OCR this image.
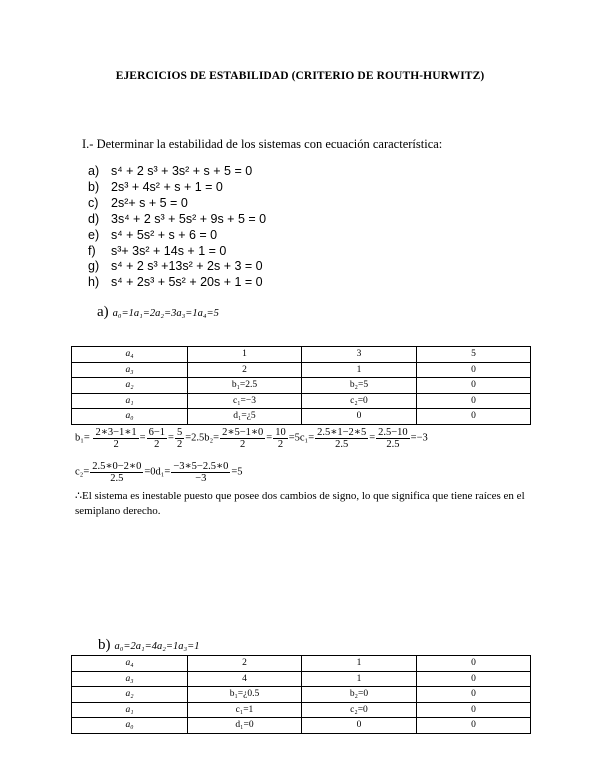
EJERCICIOS DE ESTABILIDAD (CRITERIO DE ROUTH-HURWITZ)
I.- Determinar la estabilidad de los sistemas con ecuación característica:
a) s⁴ + 2 s³ + 3s² + s + 5 = 0
b) 2s³ + 4s² + s + 1 = 0
c) 2s²+ s + 5 = 0
d) 3s⁴ + 2 s³ + 5s² + 9s + 5 = 0
e) s⁴ + 5s² + s + 6 = 0
f) s³+ 3s² + 14s + 1 = 0
g) s⁴ + 2 s³ +13s² + 2s + 3 = 0
h) s⁴ + 2s³ + 5s² + 20s + 1 = 0
a) a₀=1a₁=2a₂=3a₃=1a₄=5
a₄	1	3	5
a₃	2	1	0
a₂	b₁=2.5	b₂=5	0
a₁	c₁=−3	c₂=0	0
a₀	d₁=¿5	0	0
$b_1= \frac{2∗3-1∗1}{2} = \frac{6-1}{2} = \frac{5}{2} =2.5b_2= \frac{2∗5-1∗0}{2} = \frac{10}{2} =5c_1= \frac{2.5∗1-2∗5}{2.5} = \frac{2.5-10}{2.5} =-3$
$c_2= \frac{2.5∗0-2∗0}{2.5} =0d_1= \frac{-3∗5-2.5∗0}{-3} =5$
∴El sistema es inestable puesto que posee dos cambios de signo, lo que significa que tiene raíces en el semiplano derecho.
b) a₀=2a₁=4a₂=1a₃=1
a₄	2	1	0
a₃	4	1	0
a₂	b₁=¿0.5	b₂=0	0
a₁	c₁=1	c₂=0	0
a₀	d₁=0	0	0
